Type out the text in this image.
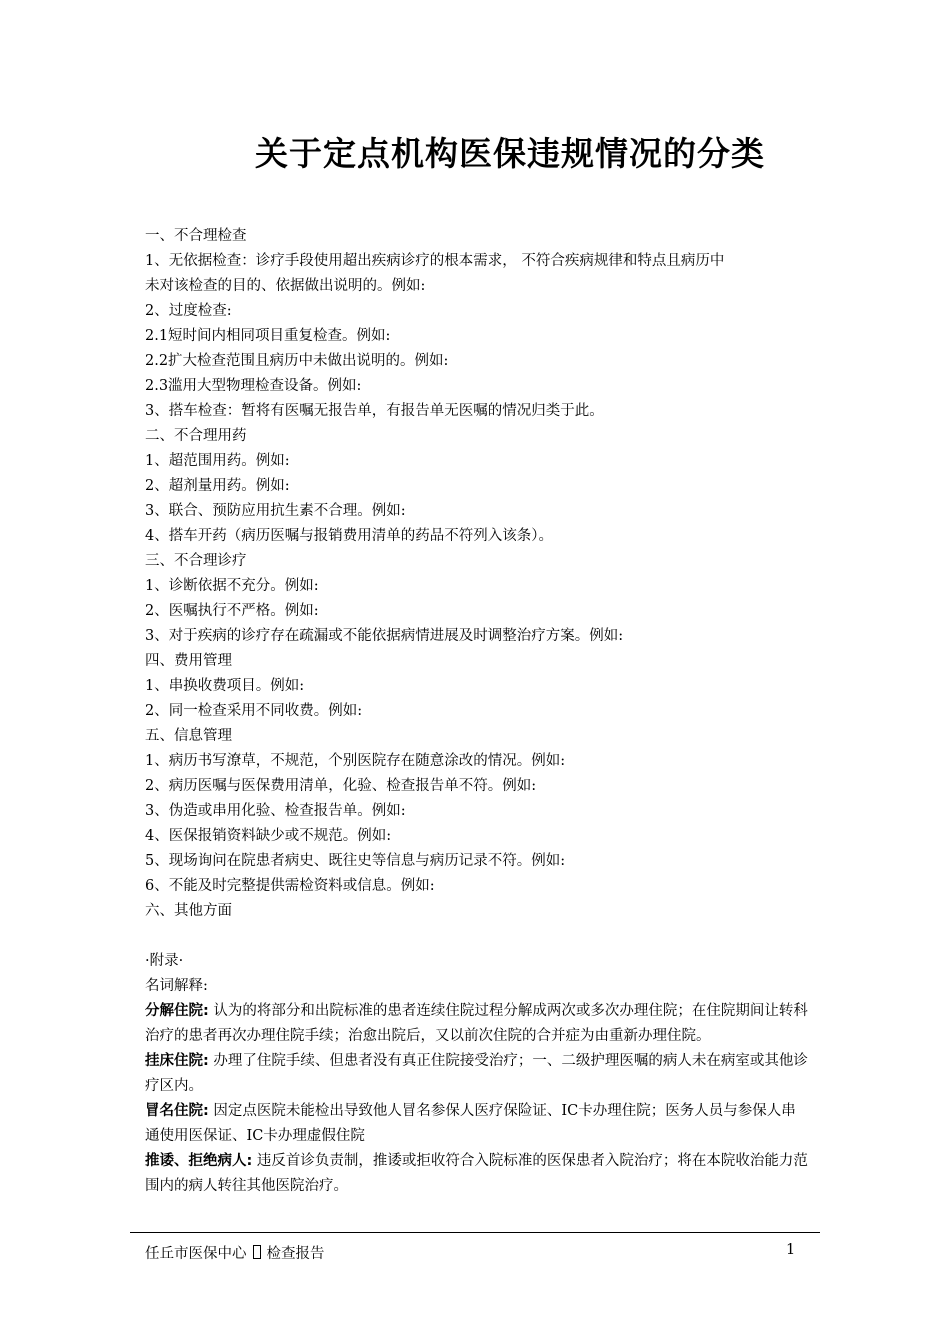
关于定点机构医保违规情况的分类
一、不合理检查
1、无依据检查：诊疗手段使用超出疾病诊疗的根本需求， 不符合疾病规律和特点且病历中
未对该检查的目的、依据做出说明的。例如:
2、过度检查:
2.1短时间内相同项目重复检查。例如:
2.2扩大检查范围且病历中未做出说明的。例如:
2.3滥用大型物理检查设备。例如:
3、搭车检查：暂将有医嘱无报告单，有报告单无医嘱的情况归类于此。
二、不合理用药
1、超范围用药。例如:
2、超剂量用药。例如:
3、联合、预防应用抗生素不合理。例如:
4、搭车开药（病历医嘱与报销费用清单的药品不符列入该条）。
三、不合理诊疗
1、诊断依据不充分。例如:
2、医嘱执行不严格。例如:
3、对于疾病的诊疗存在疏漏或不能依据病情进展及时调整治疗方案。例如:
四、费用管理
1、串换收费项目。例如:
2、同一检查采用不同收费。例如:
五、信息管理
1、病历书写潦草，不规范，个别医院存在随意涂改的情况。例如:
2、病历医嘱与医保费用清单，化验、检查报告单不符。例如:
3、伪造或串用化验、检查报告单。例如:
4、医保报销资料缺少或不规范。例如:
5、现场询问在院患者病史、既往史等信息与病历记录不符。例如:
6、不能及时完整提供需检资料或信息。例如:
六、其他方面
·附录·
名词解释:

分解住院: 认为的将部分和出院标准的患者连续住院过程分解成两次或多次办理住院；在住院期间让转科治疗的患者再次办理住院手续；治愈出院后，又以前次住院的合并症为由重新办理住院。

挂床住院: 办理了住院手续、但患者没有真正住院接受治疗；一、二级护理医嘱的病人未在病室或其他诊疗区内。

冒名住院: 因定点医院未能检出导致他人冒名参保人医疗保险证、IC卡办理住院；医务人员与参保人串通使用医保证、IC卡办理虚假住院

推诿、拒绝病人: 违反首诊负责制，推诿或拒收符合入院标准的医保患者入院治疗；将在本院收治能力范围内的病人转往其他医院治疗。

任丘市医保中心 检查报告	1
